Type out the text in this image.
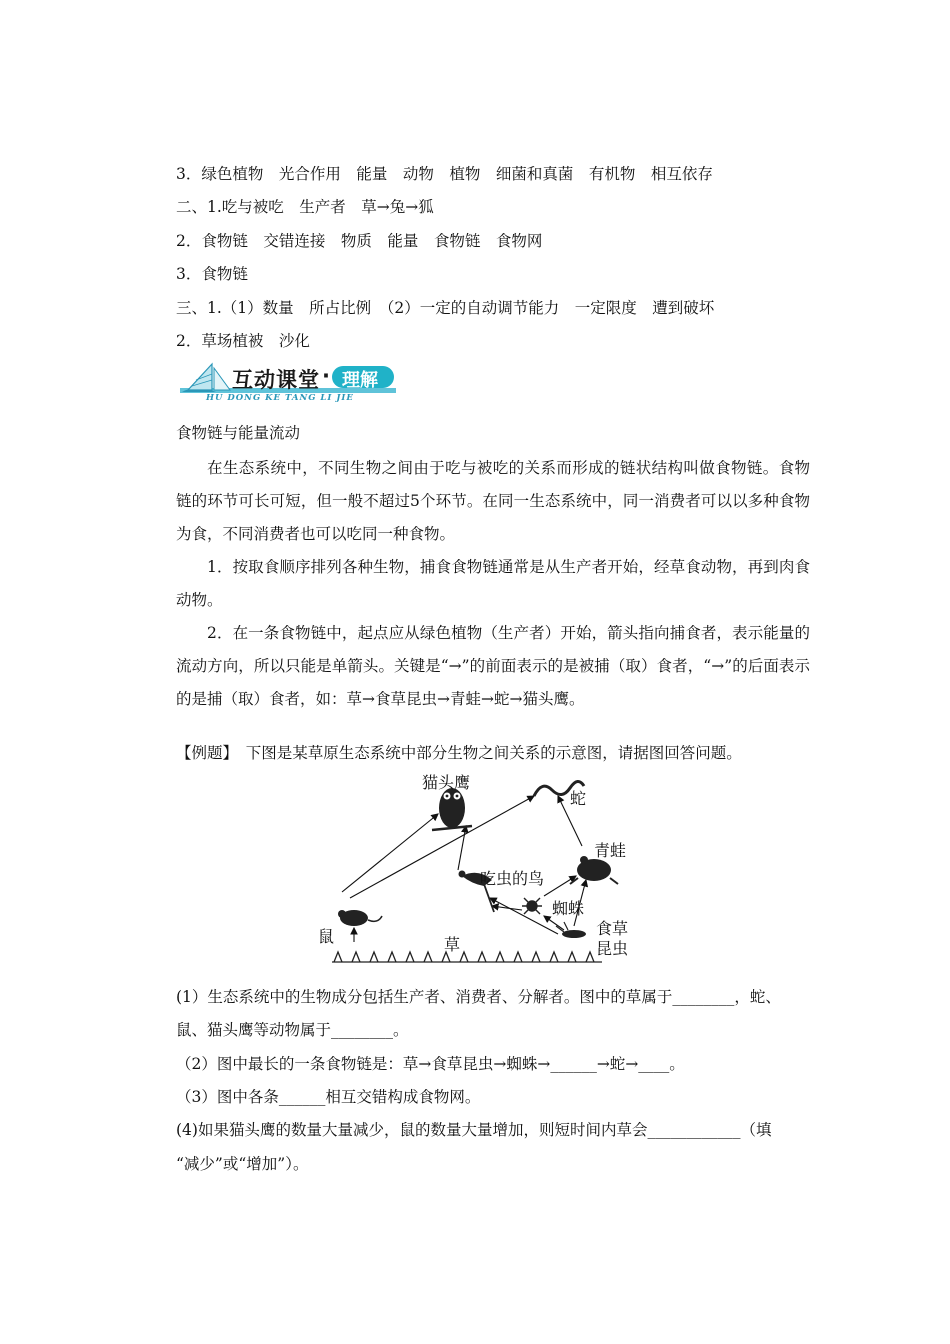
3．绿色植物　光合作用　能量　动物　植物　细菌和真菌　有机物　相互依存
二、1.吃与被吃　生产者　草→兔→狐
2．食物链　交错连接　物质　能量　食物链　食物网
3．食物链
三、1.（1）数量　所占比例　（2）一定的自动调节能力　一定限度　遭到破坏
2．草场植被　沙化
互动课堂 · 理解
HU DONG KE TANG LI JIE
食物链与能量流动
在生态系统中，不同生物之间由于吃与被吃的关系而形成的链状结构叫做食物链。食物链的环节可长可短，但一般不超过5个环节。在同一生态系统中，同一消费者可以以多种食物为食，不同消费者也可以吃同一种食物。
1．按取食顺序排列各种生物，捕食食物链通常是从生产者开始，经草食动物，再到肉食动物。
2．在一条食物链中，起点应从绿色植物（生产者）开始，箭头指向捕食者，表示能量的流动方向，所以只能是单箭头。关键是“→”的前面表示的是被捕（取）食者，“→”的后面表示的是捕（取）食者，如：草→食草昆虫→青蛙→蛇→猫头鹰。
【例题】　下图是某草原生态系统中部分生物之间关系的示意图，请据图回答问题。
猫头鹰
蛇
青蛙
吃虫的鸟
蜘蛛
食草
昆虫
鼠	草
(1）生态系统中的生物成分包括生产者、消费者、分解者。图中的草属于________，蛇、
鼠、猫头鹰等动物属于________。
（2）图中最长的一条食物链是：草→食草昆虫→蜘蛛→______→蛇→____。
（3）图中各条______相互交错构成食物网。
(4)如果猫头鹰的数量大量减少，鼠的数量大量增加，则短时间内草会____________（填
“减少”或“增加”）。
